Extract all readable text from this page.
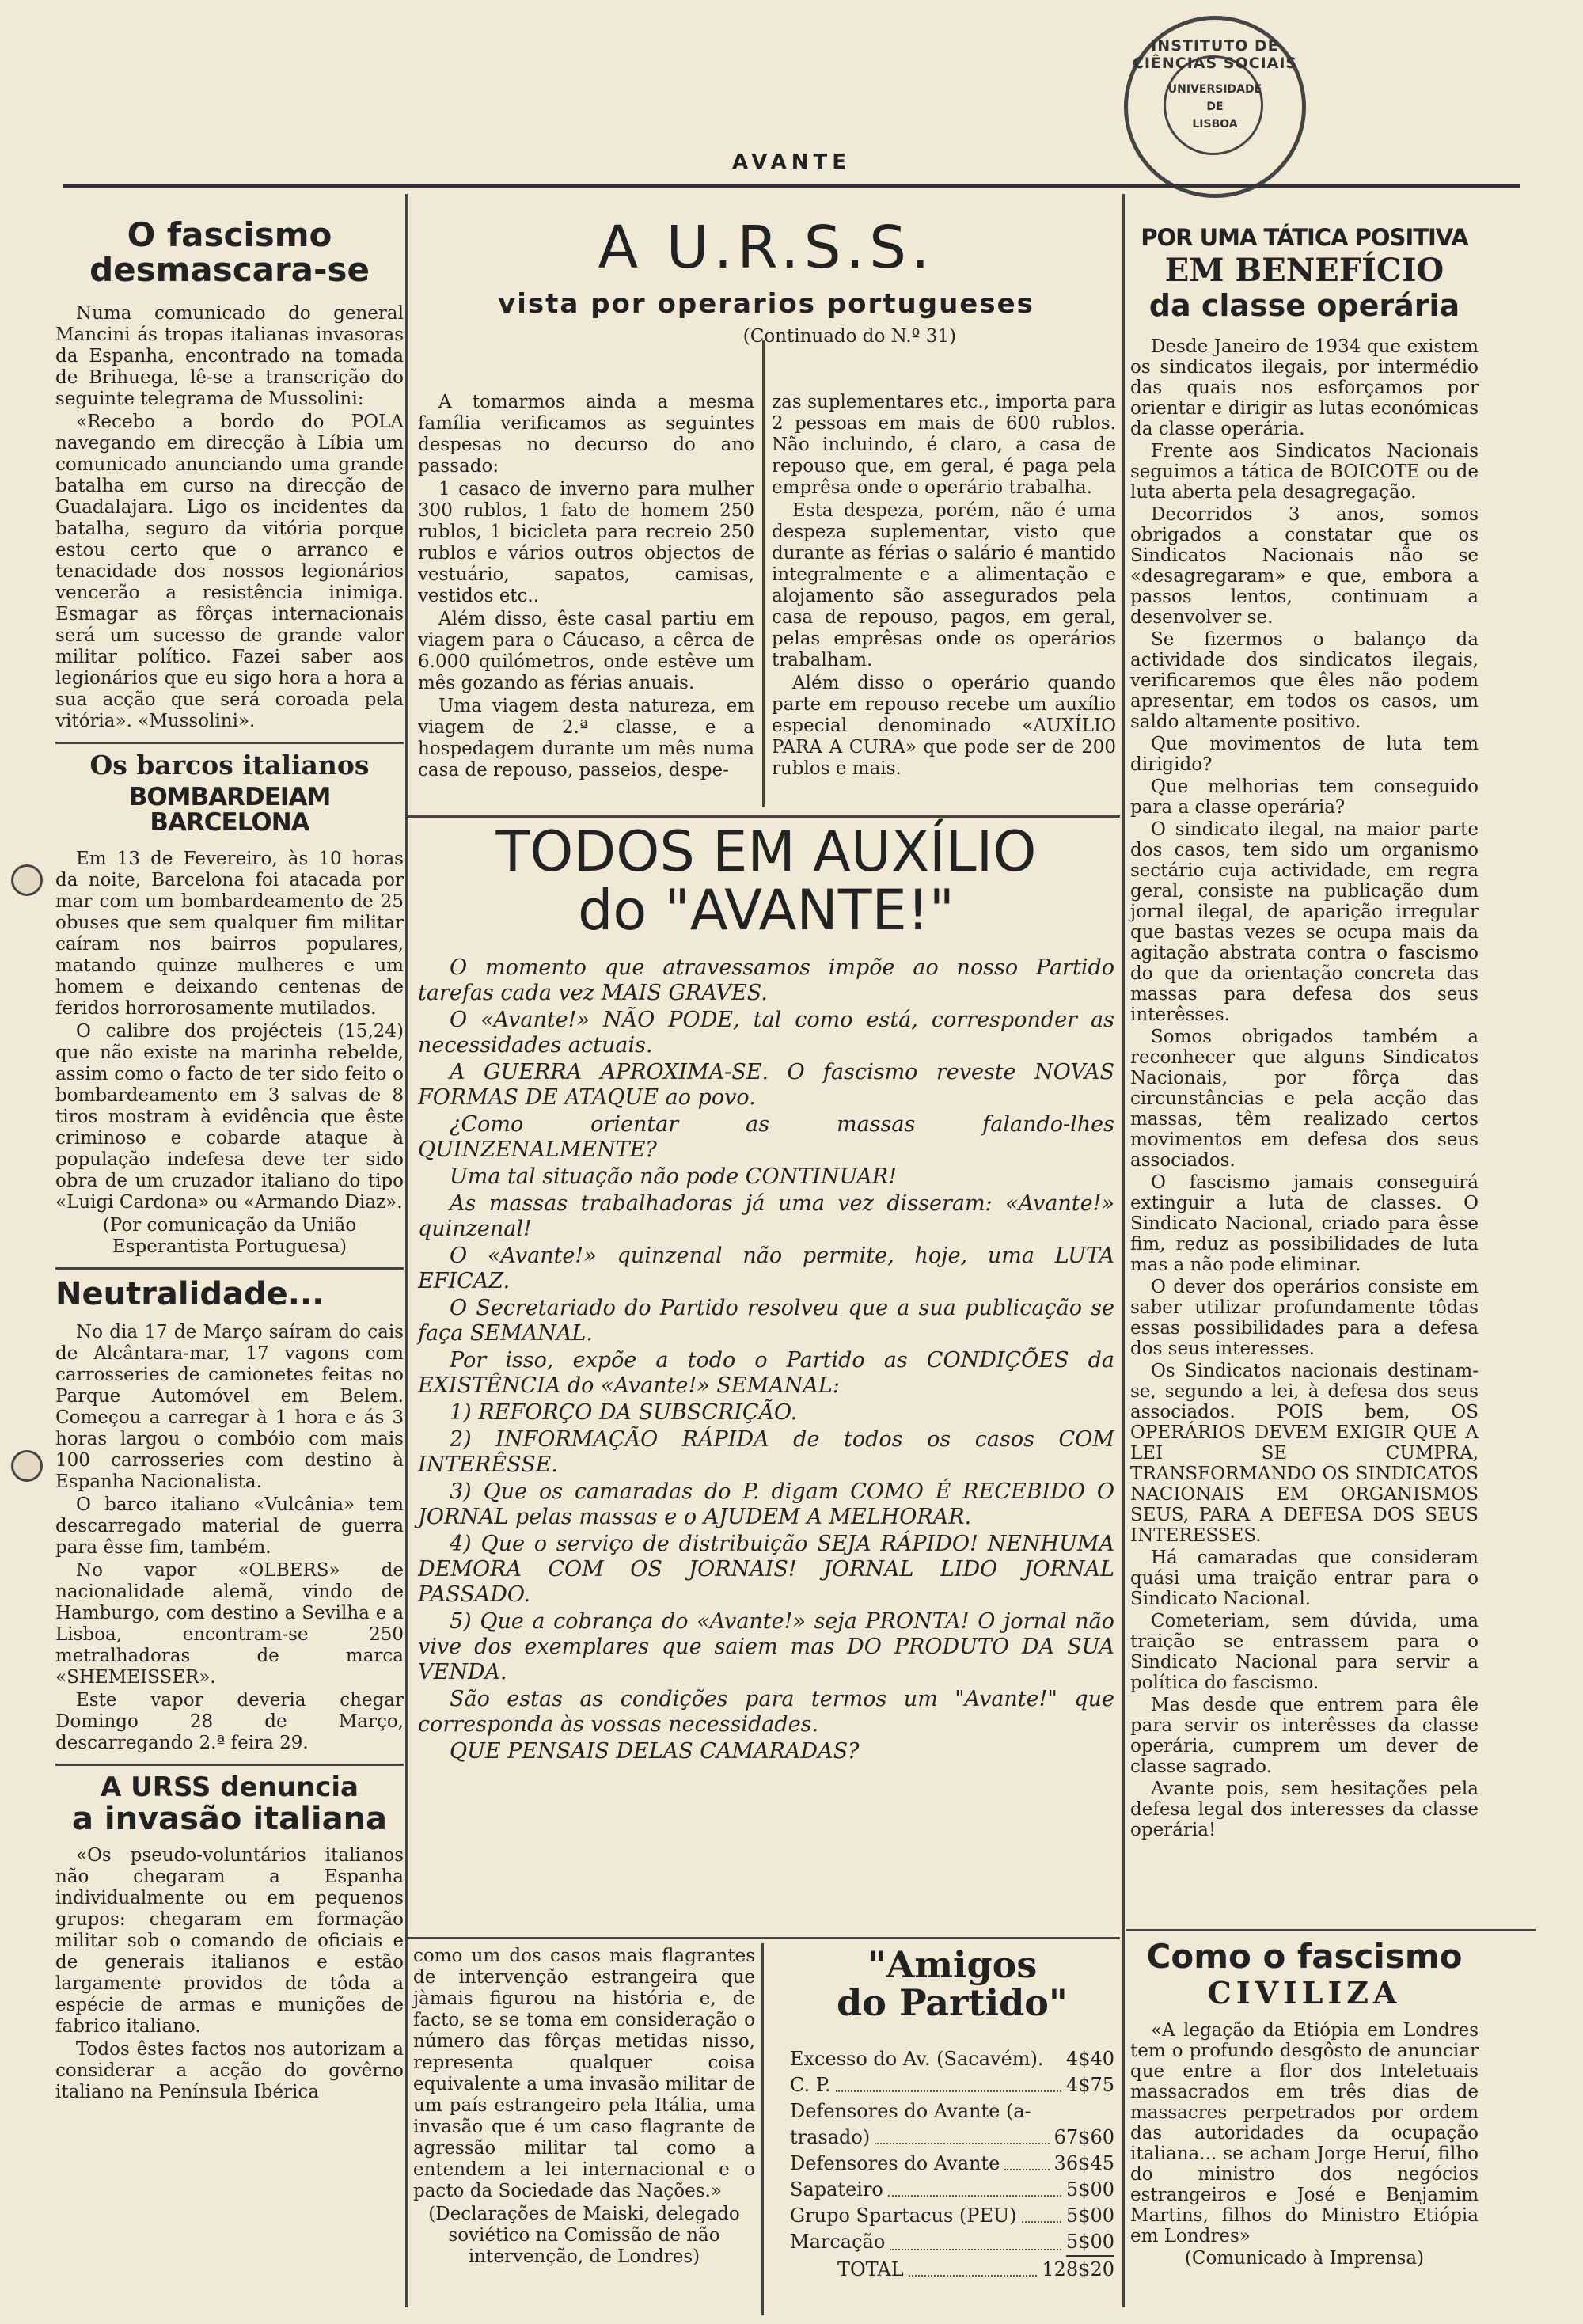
INSTITUTO DE CIÊNCIAS SOCIAIS
UNIVERSIDADE
DE
LISBOA
AVANTE
O fascismo
desmascara-se

Numa comunicado do general Mancini ás tropas italianas invasoras da Espanha, encontrado na tomada de Brihuega, lê-se a transcrição do seguinte telegrama de Mussolini:

«Recebo a bordo do POLA navegando em direcção à Líbia um comunicado anunciando uma grande batalha em curso na direcção de Guadalajara. Ligo os incidentes da batalha, seguro da vitória porque estou certo que o arranco e tenacidade dos nossos legionários vencerão a resistência inimiga. Esmagar as fôrças internacionais será um sucesso de grande valor militar político. Fazei saber aos legionários que eu sigo hora a hora a sua acção que será coroada pela vitória». «Mussolini».

Os barcos italianos
BOMBARDEIAM BARCELONA

Em 13 de Fevereiro, às 10 horas da noite, Barcelona foi atacada por mar com um bombardeamento de 25 obuses que sem qualquer fim militar caíram nos bairros populares, matando quinze mulheres e um homem e deixando centenas de feridos horrorosamente mutilados.

O calibre dos projécteis (15,24) que não existe na marinha rebelde, assim como o facto de ter sido feito o bombardeamento em 3 salvas de 8 tiros mostram à evidência que êste criminoso e cobarde ataque à população indefesa deve ter sido obra de um cruzador italiano do tipo «Luigi Cardona» ou «Armando Diaz».

(Por comunicação da União Esperantista Portuguesa)

Neutralidade...

No dia 17 de Março saíram do cais de Alcântara-mar, 17 vagons com carrosseries de camionetes feitas no Parque Automóvel em Belem. Começou a carregar à 1 hora e ás 3 horas largou o combóio com mais 100 carrosseries com destino à Espanha Nacionalista.

O barco italiano «Vulcânia» tem descarregado material de guerra para êsse fim, também.

No vapor «OLBERS» de nacionalidade alemã, vindo de Hamburgo, com destino a Sevilha e a Lisboa, encontram-se 250 metralhadoras de marca «SHEMEISSER».

Este vapor deveria chegar Domingo 28 de Março, descarregando 2.ª feira 29.

A URSS denuncia
a invasão italiana

«Os pseudo-voluntários italianos não chegaram a Espanha individualmente ou em pequenos grupos: chegaram em formação militar sob o comando de oficiais e de generais italianos e estão largamente providos de tôda a espécie de armas e munições de fabrico italiano.

Todos êstes factos nos autorizam a considerar a acção do govêrno italiano na Península Ibérica

A U.R.S.S.
vista por operarios portugueses

(Continuado do N.º 31)

A tomarmos ainda a mesma família verificamos as seguintes despesas no decurso do ano passado:

1 casaco de inverno para mulher 300 rublos, 1 fato de homem 250 rublos, 1 bicicleta para recreio 250 rublos e vários outros objectos de vestuário, sapatos, camisas, vestidos etc..

Além disso, êste casal partiu em viagem para o Cáucaso, a cêrca de 6.000 quilómetros, onde estêve um mês gozando as férias anuais.

Uma viagem desta natureza, em viagem de 2.ª classe, e a hospedagem durante um mês numa casa de repouso, passeios, despe-

zas suplementares etc., importa para 2 pessoas em mais de 600 rublos. Não incluindo, é claro, a casa de repouso que, em geral, é paga pela emprêsa onde o operário trabalha.

Esta despeza, porém, não é uma despeza suplementar, visto que durante as férias o salário é mantido integralmente e a alimentação e alojamento são assegurados pela casa de repouso, pagos, em geral, pelas emprêsas onde os operários trabalham.

Além disso o operário quando parte em repouso recebe um auxílio especial denominado «AUXÍLIO PARA A CURA» que pode ser de 200 rublos e mais.

TODOS EM AUXÍLIO
do "AVANTE!"

O momento que atravessamos impõe ao nosso Partido tarefas cada vez MAIS GRAVES.

O «Avante!» NÃO PODE, tal como está, corresponder as necessidades actuais.

A GUERRA APROXIMA-SE. O fascismo reveste NOVAS FORMAS DE ATAQUE ao povo.

¿Como orientar as massas falando-lhes QUINZENALMENTE?

Uma tal situação não pode CONTINUAR!

As massas trabalhadoras já uma vez disseram: «Avante!» quinzenal!

O «Avante!» quinzenal não permite, hoje, uma LUTA EFICAZ.

O Secretariado do Partido resolveu que a sua publicação se faça SEMANAL.

Por isso, expõe a todo o Partido as CONDIÇÕES da EXISTÊNCIA do «Avante!» SEMANAL:

1) REFORÇO DA SUBSCRIÇÃO.

2) INFORMAÇÃO RÁPIDA de todos os casos COM INTERÊSSE.

3) Que os camaradas do P. digam COMO É RECEBIDO O JORNAL pelas massas e o AJUDEM A MELHORAR.

4) Que o serviço de distribuição SEJA RÁPIDO! NENHUMA DEMORA COM OS JORNAIS! JORNAL LIDO JORNAL PASSADO.

5) Que a cobrança do «Avante!» seja PRONTA! O jornal não vive dos exemplares que saiem mas DO PRODUTO DA SUA VENDA.

São estas as condições para termos um "Avante!" que corresponda às vossas necessidades.

QUE PENSAIS DELAS CAMARADAS?

como um dos casos mais flagrantes de intervenção estrangeira que jàmais figurou na história e, de facto, se se toma em consideração o número das fôrças metidas nisso, representa qualquer coisa equivalente a uma invasão militar de um país estrangeiro pela Itália, uma invasão que é um caso flagrante de agressão militar tal como a entendem a lei internacional e o pacto da Sociedade das Nações.»

(Declarações de Maiski, delegado soviético na Comissão de não intervenção, de Londres)

"Amigos
do Partido"
Excesso do Av. (Sacavém). 4$40
C. P.	4$75
Defensores do Avante (a-
trasado)	67$60
Defensores do Avante	36$45
Sapateiro	5$00
Grupo Spartacus (PEU)	5$00
Marcação	5$00
TOTAL	128$20
POR UMA TÁTICA POSITIVA
EM BENEFÍCIO
da classe operária

Desde Janeiro de 1934 que existem os sindicatos ilegais, por intermédio das quais nos esforçamos por orientar e dirigir as lutas económicas da classe operária.

Frente aos Sindicatos Nacionais seguimos a tática de BOICOTE ou de luta aberta pela desagregação.

Decorridos 3 anos, somos obrigados a constatar que os Sindicatos Nacionais não se «desagregaram» e que, embora a passos lentos, continuam a desenvolver se.

Se fizermos o balanço da actividade dos sindicatos ilegais, verificaremos que êles não podem apresentar, em todos os casos, um saldo altamente positivo.

Que movimentos de luta tem dirigido?

Que melhorias tem conseguido para a classe operária?

O sindicato ilegal, na maior parte dos casos, tem sido um organismo sectário cuja actividade, em regra geral, consiste na publicação dum jornal ilegal, de aparição irregular que bastas vezes se ocupa mais da agitação abstrata contra o fascismo do que da orientação concreta das massas para defesa dos seus interêsses.

Somos obrigados também a reconhecer que alguns Sindicatos Nacionais, por fôrça das circunstâncias e pela acção das massas, têm realizado certos movimentos em defesa dos seus associados.

O fascismo jamais conseguirá extinguir a luta de classes. O Sindicato Nacional, criado para êsse fim, reduz as possibilidades de luta mas a não pode eliminar.

O dever dos operários consiste em saber utilizar profundamente tôdas essas possibilidades para a defesa dos seus interesses.

Os Sindicatos nacionais destinam-se, segundo a lei, à defesa dos seus associados. POIS bem, OS OPERÁRIOS DEVEM EXIGIR QUE A LEI SE CUMPRA, TRANSFORMANDO OS SINDICATOS NACIONAIS EM ORGANISMOS SEUS, PARA A DEFESA DOS SEUS INTERESSES.

Há camaradas que consideram quási uma traição entrar para o Sindicato Nacional.

Cometeriam, sem dúvida, uma traição se entrassem para o Sindicato Nacional para servir a política do fascismo.

Mas desde que entrem para êle para servir os interêsses da classe operária, cumprem um dever de classe sagrado.

Avante pois, sem hesitações pela defesa legal dos interesses da classe operária!

Como o fascismo
CIVILIZA

«A legação da Etiópia em Londres tem o profundo desgôsto de anunciar que entre a flor dos Inteletuais massacrados em três dias de massacres perpetrados por ordem das autoridades da ocupação italiana... se acham Jorge Heruí, filho do ministro dos negócios estrangeiros e José e Benjamim Martins, filhos do Ministro Etiópia em Londres»

(Comunicado à Imprensa)
